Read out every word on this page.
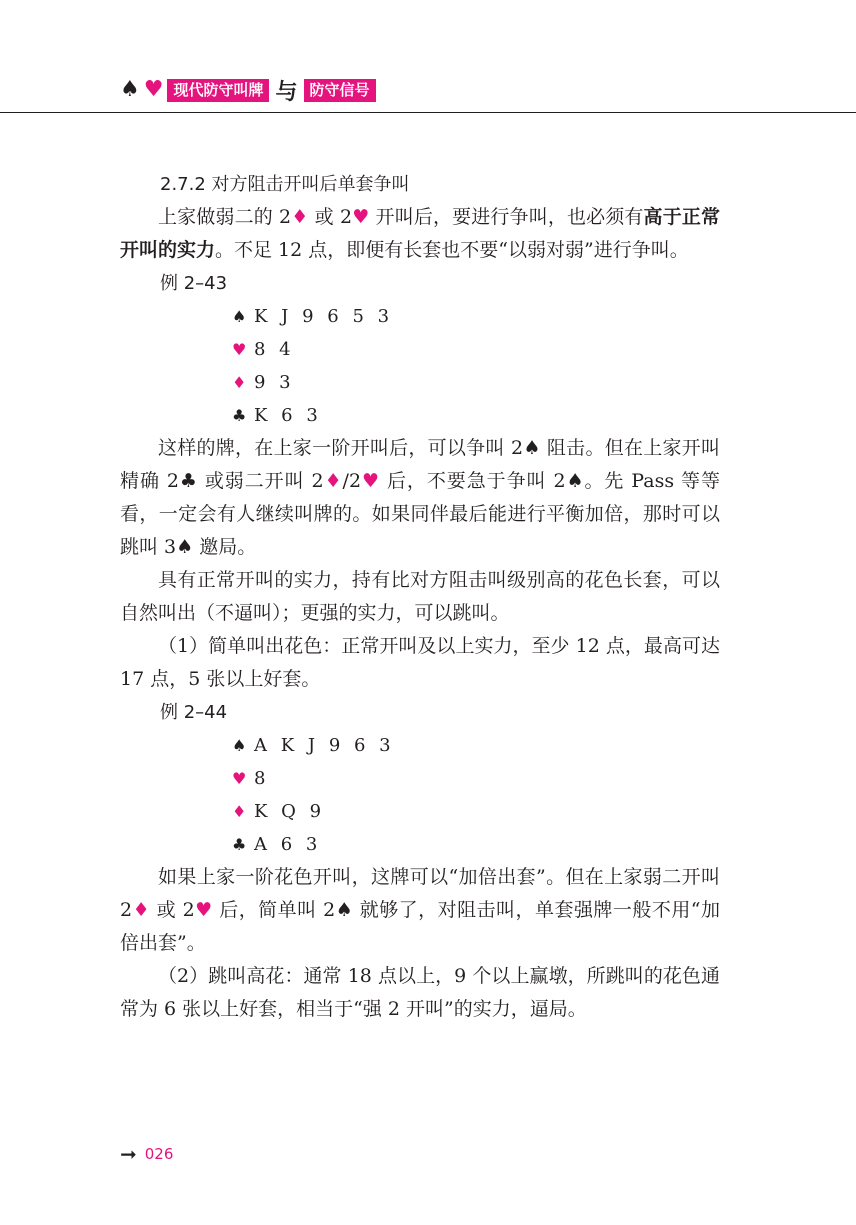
♠ ♥ 现代防守叫牌 与 防守信号

2.7.2 对方阻击开叫后单套争叫

上家做弱二的 2♦ 或 2♥ 开叫后，要进行争叫，也必须有高于正常开叫的实力。不足 12 点，即便有长套也不要“以弱对弱”进行争叫。

例 2–43

♠ K J 9 6 5 3
♥ 8 4
♦ 9 3
♣ K 6 3

这样的牌，在上家一阶开叫后，可以争叫 2♠ 阻击。但在上家开叫精确 2♣ 或弱二开叫 2♦/2♥ 后，不要急于争叫 2♠。先 Pass 等等看，一定会有人继续叫牌的。如果同伴最后能进行平衡加倍，那时可以跳叫 3♠ 邀局。

具有正常开叫的实力，持有比对方阻击叫级别高的花色长套，可以自然叫出（不逼叫）；更强的实力，可以跳叫。

（1）简单叫出花色：正常开叫及以上实力，至少 12 点，最高可达 17 点，5 张以上好套。

例 2–44

♠ A K J 9 6 3
♥ 8
♦ K Q 9
♣ A 6 3

如果上家一阶花色开叫，这牌可以“加倍出套”。但在上家弱二开叫 2♦ 或 2♥ 后，简单叫 2♠ 就够了，对阻击叫，单套强牌一般不用“加倍出套”。

（2）跳叫高花：通常 18 点以上，9 个以上赢墩，所跳叫的花色通常为 6 张以上好套，相当于“强 2 开叫”的实力，逼局。

➞ 026
